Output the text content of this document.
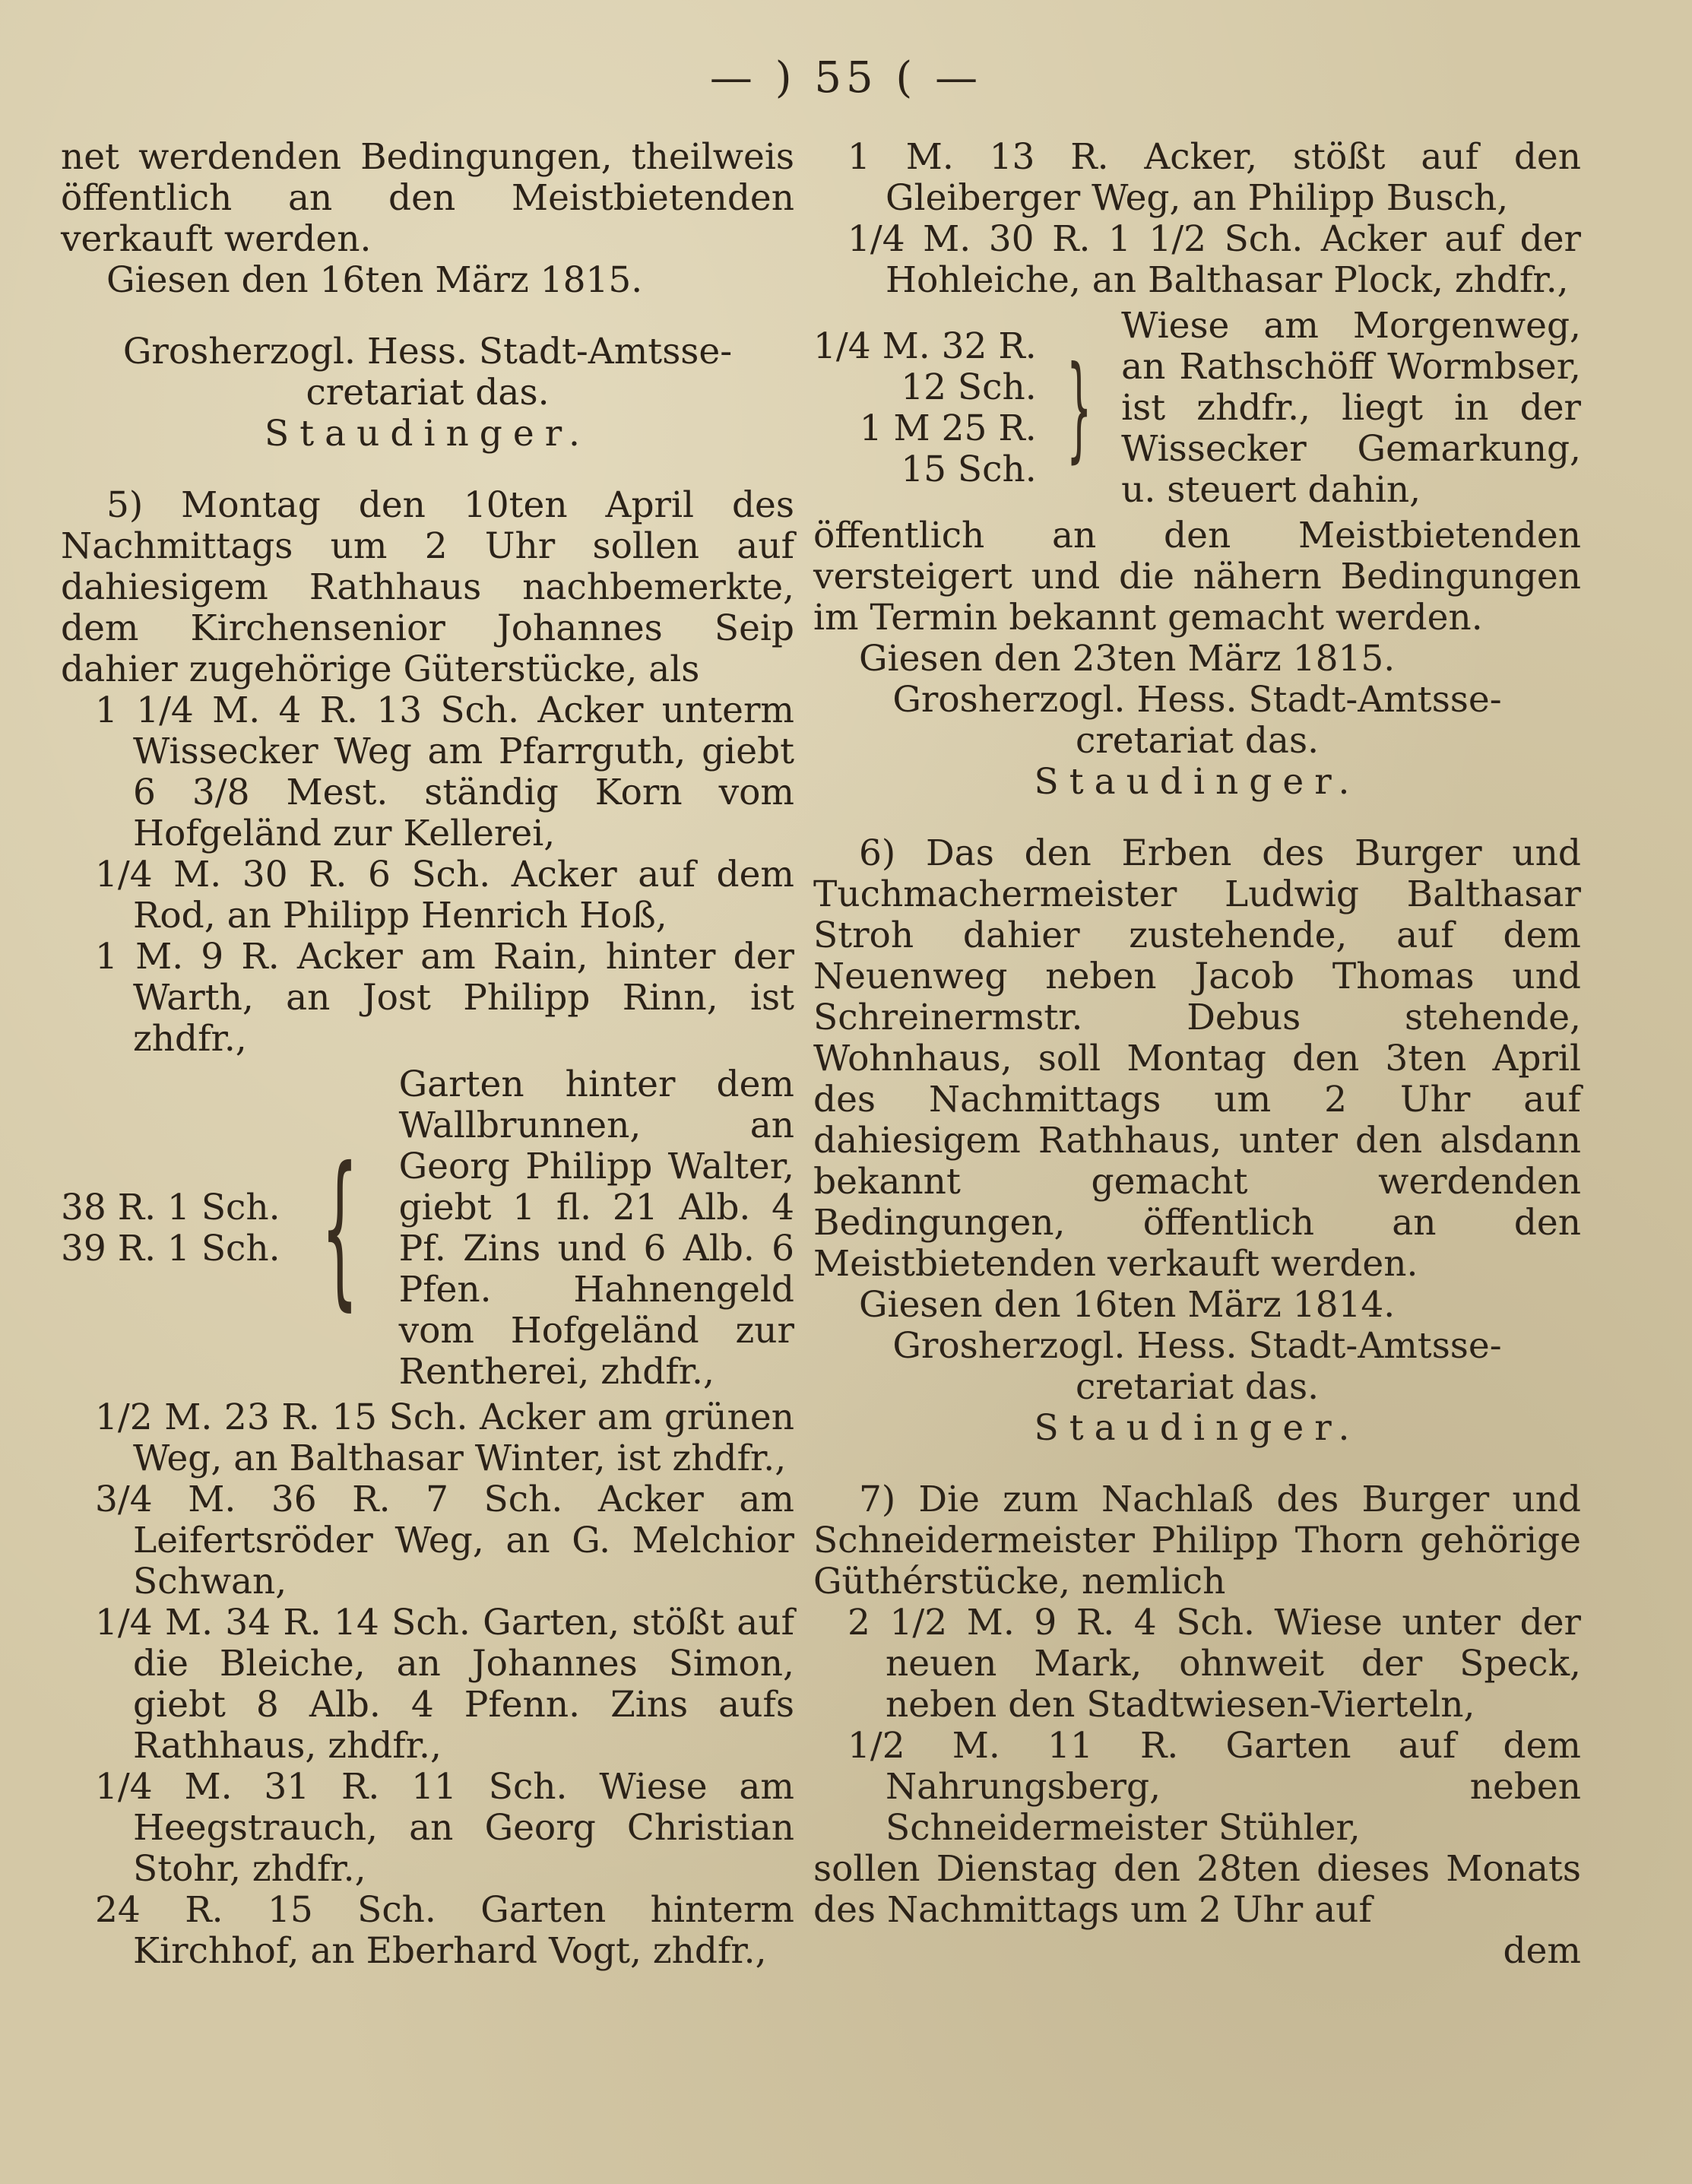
— ) 55 ( —

net werdenden Bedingungen, theilweis öffentlich an den Meistbietenden verkauft werden.

Giesen den 16ten März 1815.

Grosherzogl. Hess. Stadt-Amtsse-

cretariat das.

Staudinger.

5) Montag den 10ten April des Nachmittags um 2 Uhr sollen auf dahiesigem Rathhaus nachbemerkte, dem Kirchensenior Johannes Seip dahier zugehörige Güterstücke, als

1 1/4 M. 4 R. 13 Sch. Acker unterm Wissecker Weg am Pfarrguth, giebt 6 3/8 Mest. ständig Korn vom Hofgeländ zur Kellerei,

1/4 M. 30 R. 6 Sch. Acker auf dem Rod, an Philipp Henrich Hoß,

1 M. 9 R. Acker am Rain, hinter der Warth, an Jost Philipp Rinn, ist zhdfr.,

38 R. 1 Sch.
39 R. 1 Sch. {
Garten hinter dem Wallbrunnen, an Georg Philipp Walter, giebt 1 fl. 21 Alb. 4 Pf. Zins und 6 Alb. 6 Pfen. Hahnengeld vom Hofgeländ zur Rentherei, zhdfr.,

1/2 M. 23 R. 15 Sch. Acker am grünen Weg, an Balthasar Winter, ist zhdfr.,

3/4 M. 36 R. 7 Sch. Acker am Leifertsröder Weg, an G. Melchior Schwan,

1/4 M. 34 R. 14 Sch. Garten, stößt auf die Bleiche, an Johannes Simon, giebt 8 Alb. 4 Pfenn. Zins aufs Rathhaus, zhdfr.,

1/4 M. 31 R. 11 Sch. Wiese am Heegstrauch, an Georg Christian Stohr, zhdfr.,

24 R. 15 Sch. Garten hinterm Kirchhof, an Eberhard Vogt, zhdfr.,

1 M. 13 R. Acker, stößt auf den Gleiberger Weg, an Philipp Busch,

1/4 M. 30 R. 1 1/2 Sch. Acker auf der Hohleiche, an Balthasar Plock, zhdfr.,

1/4 M. 32 R.
12 Sch.
1 M 25 R.
15 Sch. }
Wiese am Morgenweg, an Rathschöff Wormbser, ist zhdfr., liegt in der Wissecker Gemarkung, u. steuert dahin,

öffentlich an den Meistbietenden versteigert und die nähern Bedingungen im Termin bekannt gemacht werden.

Giesen den 23ten März 1815.

Grosherzogl. Hess. Stadt-Amtsse-

cretariat das.

Staudinger.

6) Das den Erben des Burger und Tuchmachermeister Ludwig Balthasar Stroh dahier zustehende, auf dem Neuenweg neben Jacob Thomas und Schreinermstr. Debus stehende, Wohnhaus, soll Montag den 3ten April des Nachmittags um 2 Uhr auf dahiesigem Rathhaus, unter den alsdann bekannt gemacht werdenden Bedingungen, öffentlich an den Meistbietenden verkauft werden.

Giesen den 16ten März 1814.

Grosherzogl. Hess. Stadt-Amtsse-

cretariat das.

Staudinger.

7) Die zum Nachlaß des Burger und Schneidermeister Philipp Thorn gehörige Güthérstücke, nemlich

2 1/2 M. 9 R. 4 Sch. Wiese unter der neuen Mark, ohnweit der Speck, neben den Stadtwiesen-Vierteln,

1/2 M. 11 R. Garten auf dem Nahrungsberg, neben Schneidermeister Stühler,

sollen Dienstag den 28ten dieses Monats des Nachmittags um 2 Uhr auf

dem
